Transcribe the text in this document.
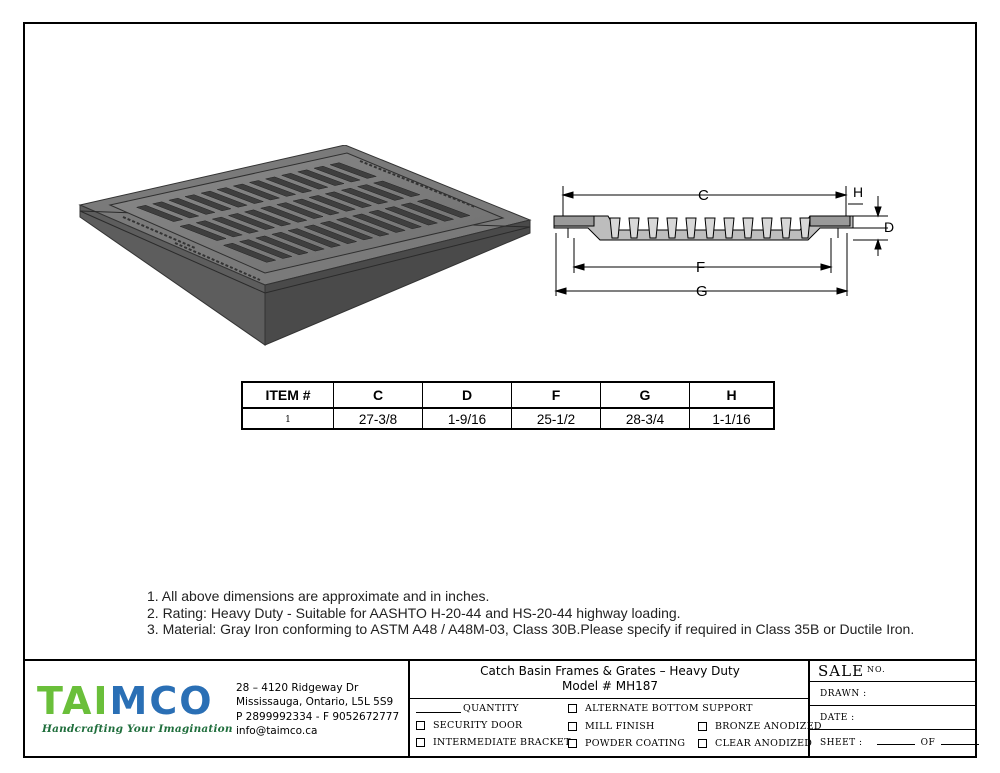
C	H
D
F
G
ITEM #	C	D	F	G	H
1	27-3/8	1-9/16	25-1/2	28-3/4	1-1/16
1. All above dimensions are approximate and in inches.
2. Rating: Heavy Duty - Suitable for AASHTO H-20-44 and HS-20-44 highway loading.
3. Material: Gray Iron conforming to ASTM A48 / A48M-03, Class 30B.Please specify if required in Class 35B or Ductile Iron.
TAIMCO
Handcrafting Your Imagination
28 – 4120 Ridgeway Dr
Mississauga, Ontario, L5L 5S9
P 2899992334 - F 9052672777
info@taimco.ca
Catch Basin Frames & Grates – Heavy Duty
Model # MH187
QUANTITY
SECURITY DOOR
INTERMEDIATE BRACKET
ALTERNATE BOTTOM SUPPORT
MILL FINISH
POWDER COATING
BRONZE ANODIZED
CLEAR ANODIZED
SALE $^{NO.}$
DRAWN :
DATE :
SHEET :	OF
